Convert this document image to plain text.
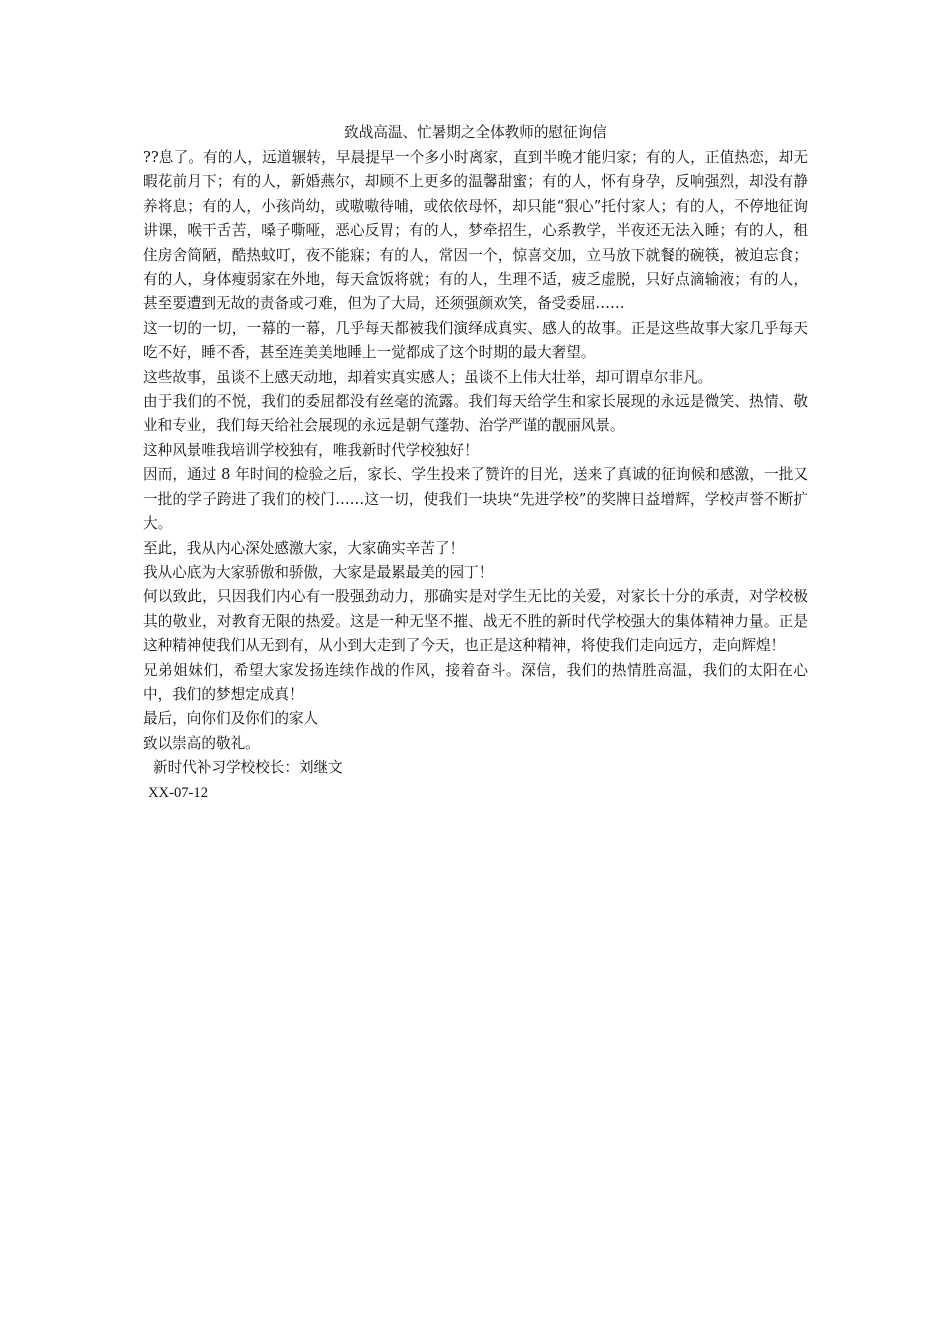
致战高温、忙暑期之全体教师的慰征询信

??息了。有的人，远道辗转，早晨提早一个多小时离家，直到半晚才能归家；有的人，正值热恋，却无暇花前月下；有的人，新婚燕尔，却顾不上更多的温馨甜蜜；有的人，怀有身孕，反响强烈，却没有静养将息；有的人，小孩尚幼，或嗷嗷待哺，或依依母怀，却只能“狠心”托付家人；有的人，不停地征询讲课，喉干舌苦，嗓子嘶哑，恶心反胃；有的人，梦牵招生，心系教学，半夜还无法入睡；有的人，租住房舍简陋，酷热蚊叮，夜不能寐；有的人，常因一个，惊喜交加，立马放下就餐的碗筷，被迫忘食；有的人，身体瘦弱家在外地，每天盒饭将就；有的人，生理不适，疲乏虚脱，只好点滴输液；有的人，甚至要遭到无故的责备或刁难，但为了大局，还须强颜欢笑，备受委屈……

这一切的一切，一幕的一幕，几乎每天都被我们演绎成真实、感人的故事。正是这些故事大家几乎每天吃不好，睡不香，甚至连美美地睡上一觉都成了这个时期的最大奢望。

这些故事，虽谈不上感天动地，却着实真实感人；虽谈不上伟大壮举，却可谓卓尔非凡。

由于我们的不悦，我们的委屈都没有丝毫的流露。我们每天给学生和家长展现的永远是微笑、热情、敬业和专业，我们每天给社会展现的永远是朝气蓬勃、治学严谨的靓丽风景。

这种风景唯我培训学校独有，唯我新时代学校独好！

因而，通过 8 年时间的检验之后，家长、学生投来了赞许的目光，送来了真诚的征询候和感激，一批又一批的学子跨进了我们的校门……这一切，使我们一块块“先进学校”的奖牌日益增辉，学校声誉不断扩大。

至此，我从内心深处感激大家，大家确实辛苦了！

我从心底为大家骄傲和骄傲，大家是最累最美的园丁！

何以致此，只因我们内心有一股强劲动力，那确实是对学生无比的关爱，对家长十分的承责，对学校极其的敬业，对教育无限的热爱。这是一种无坚不摧、战无不胜的新时代学校强大的集体精神力量。正是这种精神使我们从无到有，从小到大走到了今天，也正是这种精神，将使我们走向远方，走向辉煌！

兄弟姐妹们，希望大家发扬连续作战的作风，接着奋斗。深信，我们的热情胜高温，我们的太阳在心中，我们的梦想定成真！

最后，向你们及你们的家人

致以崇高的敬礼。

新时代补习学校校长：刘继文

XX-07-12
